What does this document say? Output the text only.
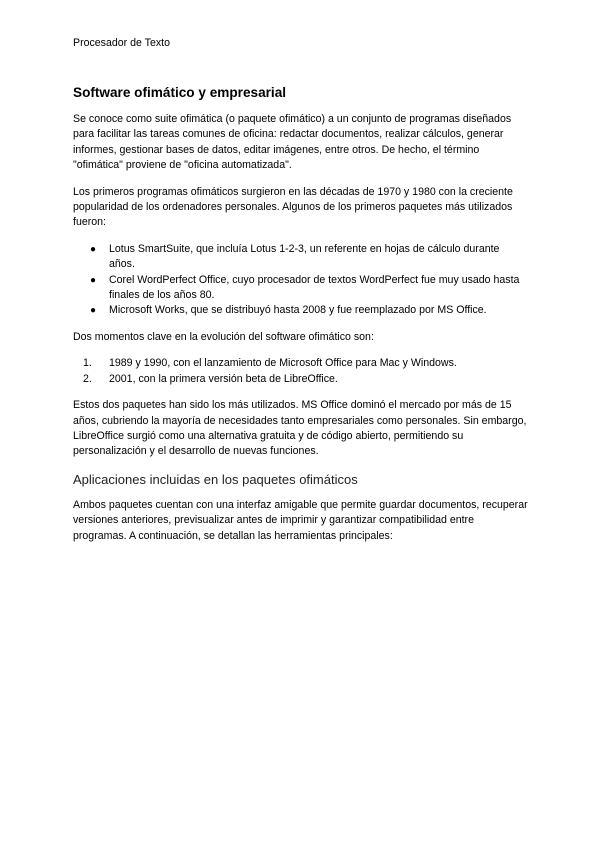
Procesador de Texto
Software ofimático y empresarial

Se conoce como suite ofimática (o paquete ofimático) a un conjunto de programas diseñados para facilitar las tareas comunes de oficina: redactar documentos, realizar cálculos, generar informes, gestionar bases de datos, editar imágenes, entre otros. De hecho, el término "ofimática" proviene de "oficina automatizada".

Los primeros programas ofimáticos surgieron en las décadas de 1970 y 1980 con la creciente popularidad de los ordenadores personales. Algunos de los primeros paquetes más utilizados fueron:

● Lotus SmartSuite, que incluía Lotus 1-2-3, un referente en hojas de cálculo durante años.
● Corel WordPerfect Office, cuyo procesador de textos WordPerfect fue muy usado hasta finales de los años 80.
● Microsoft Works, que se distribuyó hasta 2008 y fue reemplazado por MS Office.

Dos momentos clave en la evolución del software ofimático son:

1. 1989 y 1990, con el lanzamiento de Microsoft Office para Mac y Windows.
2. 2001, con la primera versión beta de LibreOffice.

Estos dos paquetes han sido los más utilizados. MS Office dominó el mercado por más de 15 años, cubriendo la mayoría de necesidades tanto empresariales como personales. Sin embargo, LibreOffice surgió como una alternativa gratuita y de código abierto, permitiendo su personalización y el desarrollo de nuevas funciones.

Aplicaciones incluidas en los paquetes ofimáticos

Ambos paquetes cuentan con una interfaz amigable que permite guardar documentos, recuperar versiones anteriores, previsualizar antes de imprimir y garantizar compatibilidad entre programas. A continuación, se detallan las herramientas principales:
